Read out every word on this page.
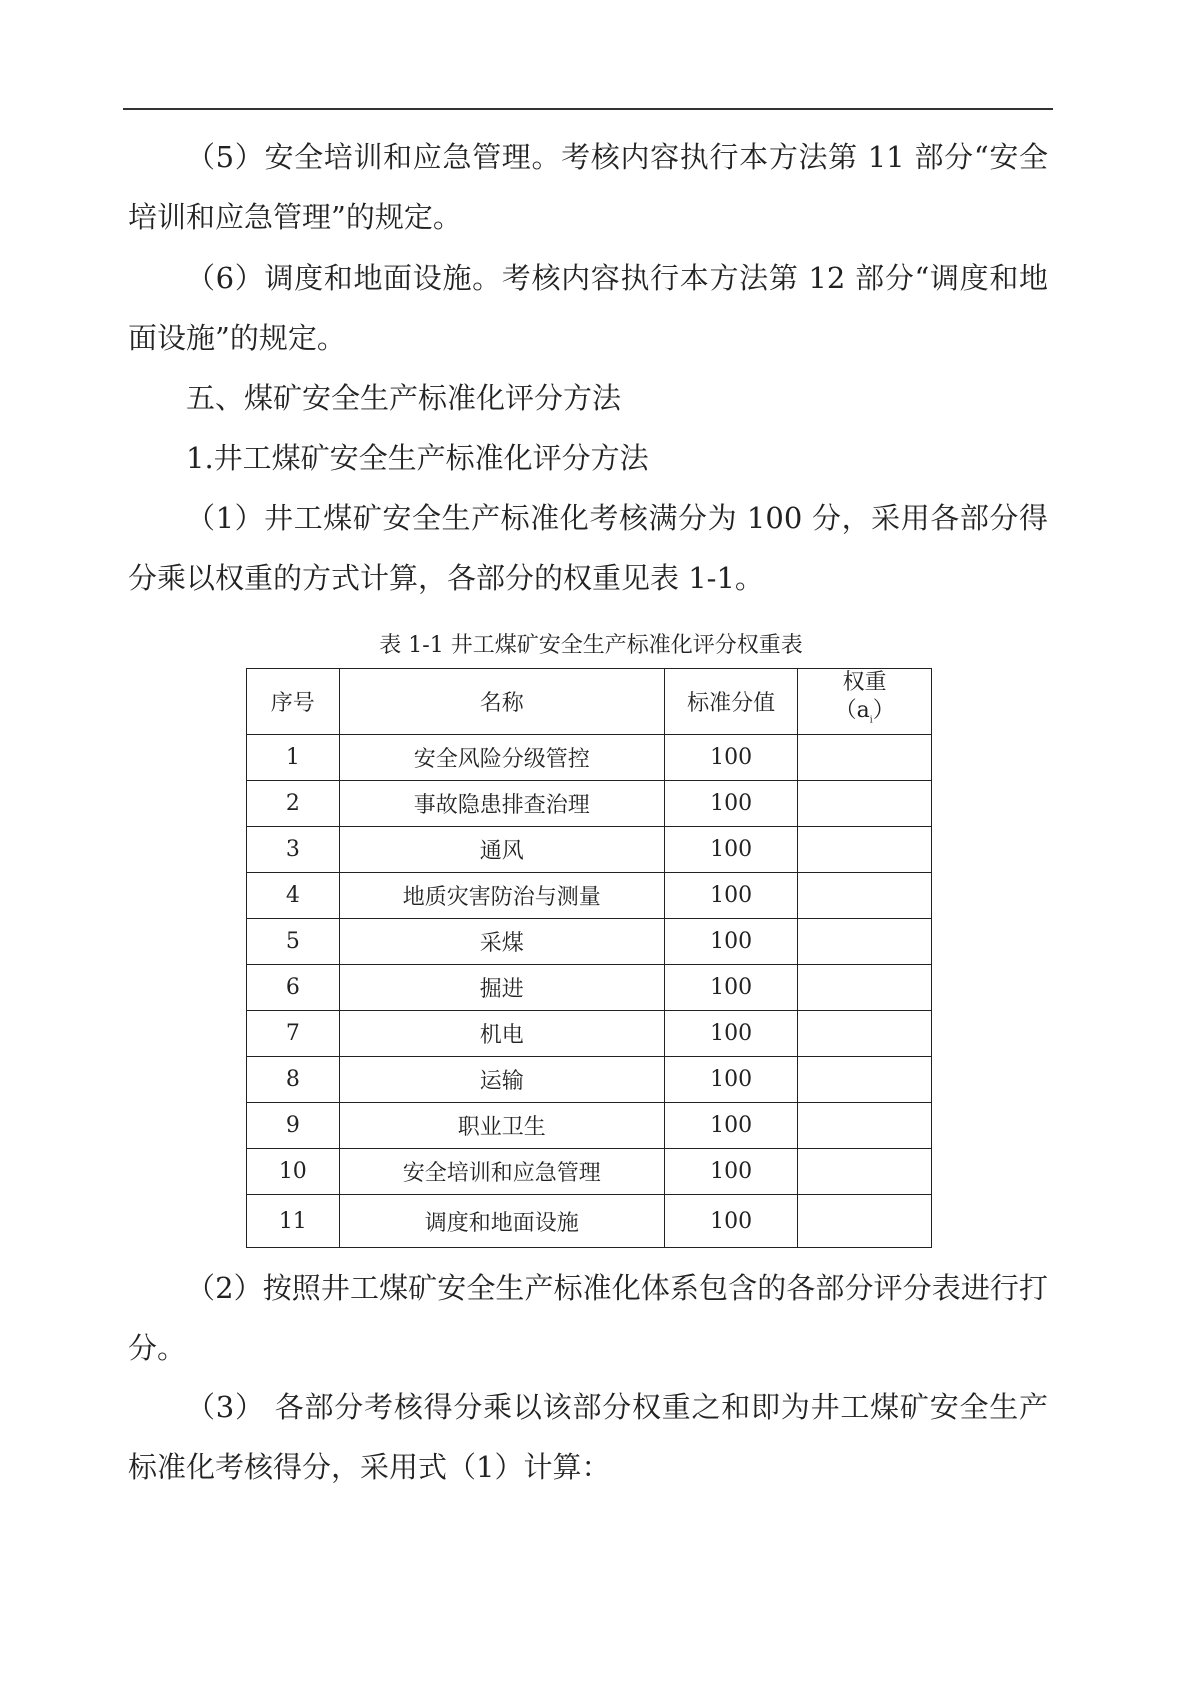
（5）安全培训和应急管理。考核内容执行本方法第 11 部分“安全培训和应急管理”的规定。

（6）调度和地面设施。考核内容执行本方法第 12 部分“调度和地面设施”的规定。

五、煤矿安全生产标准化评分方法

1.井工煤矿安全生产标准化评分方法

（1）井工煤矿安全生产标准化考核满分为 100 分，采用各部分得分乘以权重的方式计算，各部分的权重见表 1-1。

表 1-1 井工煤矿安全生产标准化评分权重表
序号	名称	标准分值	权重
$(a_i)$
1	安全风险分级管控	100	
2	事故隐患排查治理	100	
3	通风	100	
4	地质灾害防治与测量	100	
5	采煤	100	
6	掘进	100	
7	机电	100	
8	运输	100	
9	职业卫生	100	
10	安全培训和应急管理	100	
11	调度和地面设施	100	

（2）按照井工煤矿安全生产标准化体系包含的各部分评分表进行打分。

（3） 各部分考核得分乘以该部分权重之和即为井工煤矿安全生产标准化考核得分，采用式（1）计算：
